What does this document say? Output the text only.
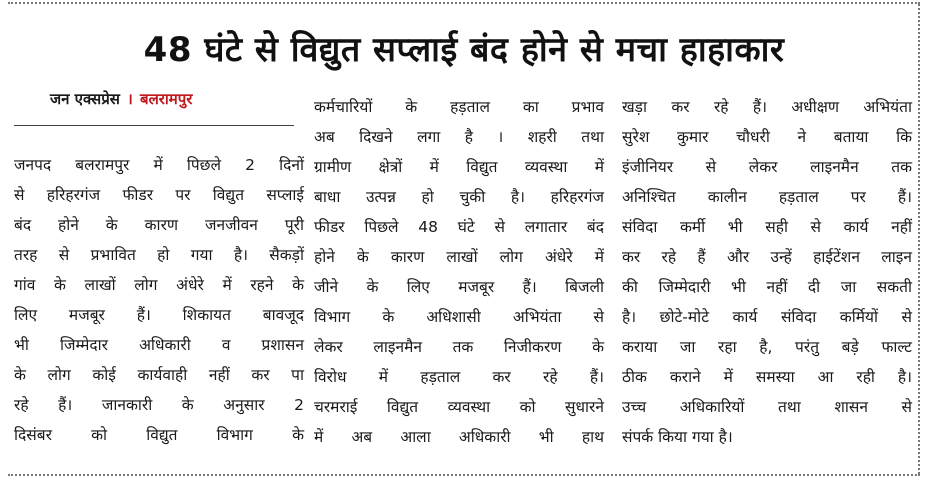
48 घंटे से विद्युत सप्लाई बंद होने से मचा हाहाकार
जन एक्सप्रेस । बलरामपुर
जनपद बलरामपुर में पिछले 2 दिनों
से हरिहरगंज फीडर पर विद्युत सप्लाई
बंद होने के कारण जनजीवन पूरी
तरह से प्रभावित हो गया है। सैकड़ों
गांव के लाखों लोग अंधेरे में रहने के
लिए मजबूर हैं। शिकायत बावजूद
भी जिम्मेदार अधिकारी व प्रशासन
के लोग कोई कार्यवाही नहीं कर पा
रहे हैं। जानकारी के अनुसार 2
दिसंबर को विद्युत विभाग के
कर्मचारियों के हड़ताल का प्रभाव
अब दिखने लगा है । शहरी तथा
ग्रामीण क्षेत्रों में विद्युत व्यवस्था में
बाधा उत्पन्न हो चुकी है। हरिहरगंज
फीडर पिछले 48 घंटे से लगातार बंद
होने के कारण लाखों लोग अंधेरे में
जीने के लिए मजबूर हैं। बिजली
विभाग के अधिशासी अभियंता से
लेकर लाइनमैन तक निजीकरण के
विरोध में हड़ताल कर रहे हैं।
चरमराई विद्युत व्यवस्था को सुधारने
में अब आला अधिकारी भी हाथ
खड़ा कर रहे हैं। अधीक्षण अभियंता
सुरेश कुमार चौधरी ने बताया कि
इंजीनियर से लेकर लाइनमैन तक
अनिश्चित कालीन हड़ताल पर हैं।
संविदा कर्मी भी सही से कार्य नहीं
कर रहे हैं और उन्हें हाईटेंशन लाइन
की जिम्मेदारी भी नहीं दी जा सकती
है। छोटे-मोटे कार्य संविदा कर्मियों से
कराया जा रहा है, परंतु बड़े फाल्ट
ठीक कराने में समस्या आ रही है।
उच्च अधिकारियों तथा शासन से
संपर्क किया गया है।
